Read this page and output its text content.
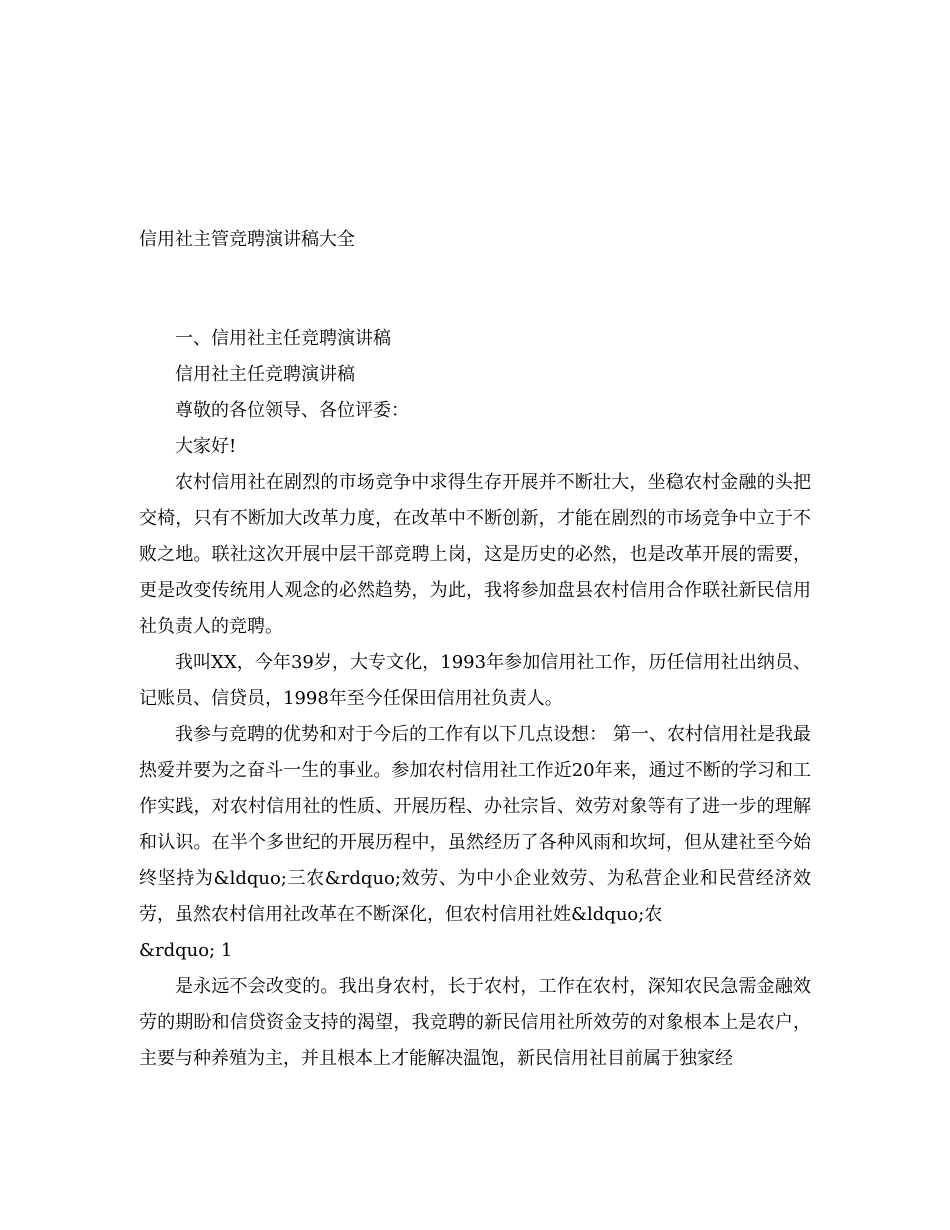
信用社主管竞聘演讲稿大全

一、信用社主任竞聘演讲稿

信用社主任竞聘演讲稿

尊敬的各位领导、各位评委：

大家好!

农村信用社在剧烈的市场竞争中求得生存开展并不断壮大，坐稳农村金融的头把交椅，只有不断加大改革力度，在改革中不断创新，才能在剧烈的市场竞争中立于不败之地。联社这次开展中层干部竞聘上岗，这是历史的必然，也是改革开展的需要，更是改变传统用人观念的必然趋势，为此，我将参加盘县农村信用合作联社新民信用社负责人的竞聘。

我叫XX，今年39岁，大专文化，1993年参加信用社工作，历任信用社出纳员、记账员、信贷员，1998年至今任保田信用社负责人。

我参与竞聘的优势和对于今后的工作有以下几点设想： 第一、农村信用社是我最热爱并要为之奋斗一生的事业。参加农村信用社工作近20年来，通过不断的学习和工作实践，对农村信用社的性质、开展历程、办社宗旨、效劳对象等有了进一步的理解和认识。在半个多世纪的开展历程中，虽然经历了各种风雨和坎坷，但从建社至今始终坚持为&ldquo;三农&rdquo;效劳、为中小企业效劳、为私营企业和民营经济效劳，虽然农村信用社改革在不断深化，但农村信用社姓&ldquo;农

&rdquo; 1

是永远不会改变的。我出身农村，长于农村，工作在农村，深知农民急需金融效劳的期盼和信贷资金支持的渴望，我竞聘的新民信用社所效劳的对象根本上是农户，主要与种养殖为主，并且根本上才能解决温饱，新民信用社目前属于独家经
